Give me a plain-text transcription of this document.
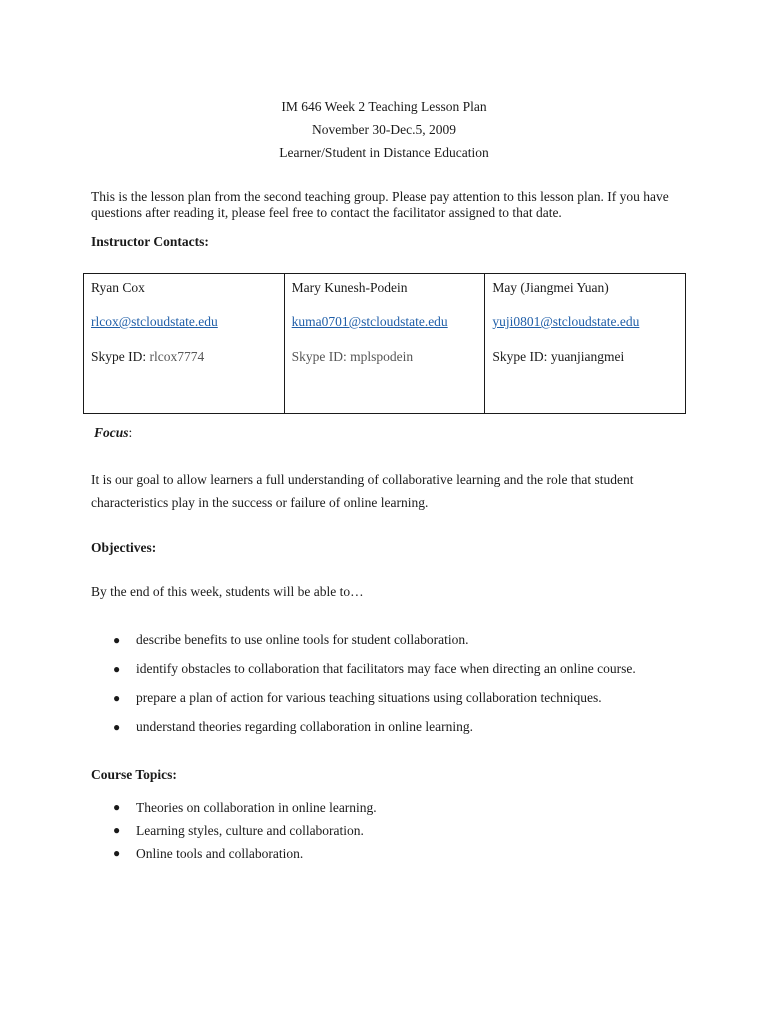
IM 646 Week 2 Teaching Lesson Plan
November 30-Dec.5, 2009
Learner/Student in Distance Education
This is the lesson plan from the second teaching group. Please pay attention to this lesson plan. If you have questions after reading it, please feel free to contact the facilitator assigned to that date.
Instructor Contacts:
Ryan Cox
rlcox@stcloudstate.edu
Skype ID: rlcox7774

Mary Kunesh-Podein
kuma0701@stcloudstate.edu
Skype ID: mplspodein

May (Jiangmei Yuan)
yuji0801@stcloudstate.edu
Skype ID: yuanjiangmei
Focus:
It is our goal to allow learners a full understanding of collaborative learning and the role that student characteristics play in the success or failure of online learning.
Objectives:
By the end of this week, students will be able to…
● describe benefits to use online tools for student collaboration.
● identify obstacles to collaboration that facilitators may face when directing an online course.
● prepare a plan of action for various teaching situations using collaboration techniques.
● understand theories regarding collaboration in online learning.
Course Topics:
● Theories on collaboration in online learning.
● Learning styles, culture and collaboration.
● Online tools and collaboration.
